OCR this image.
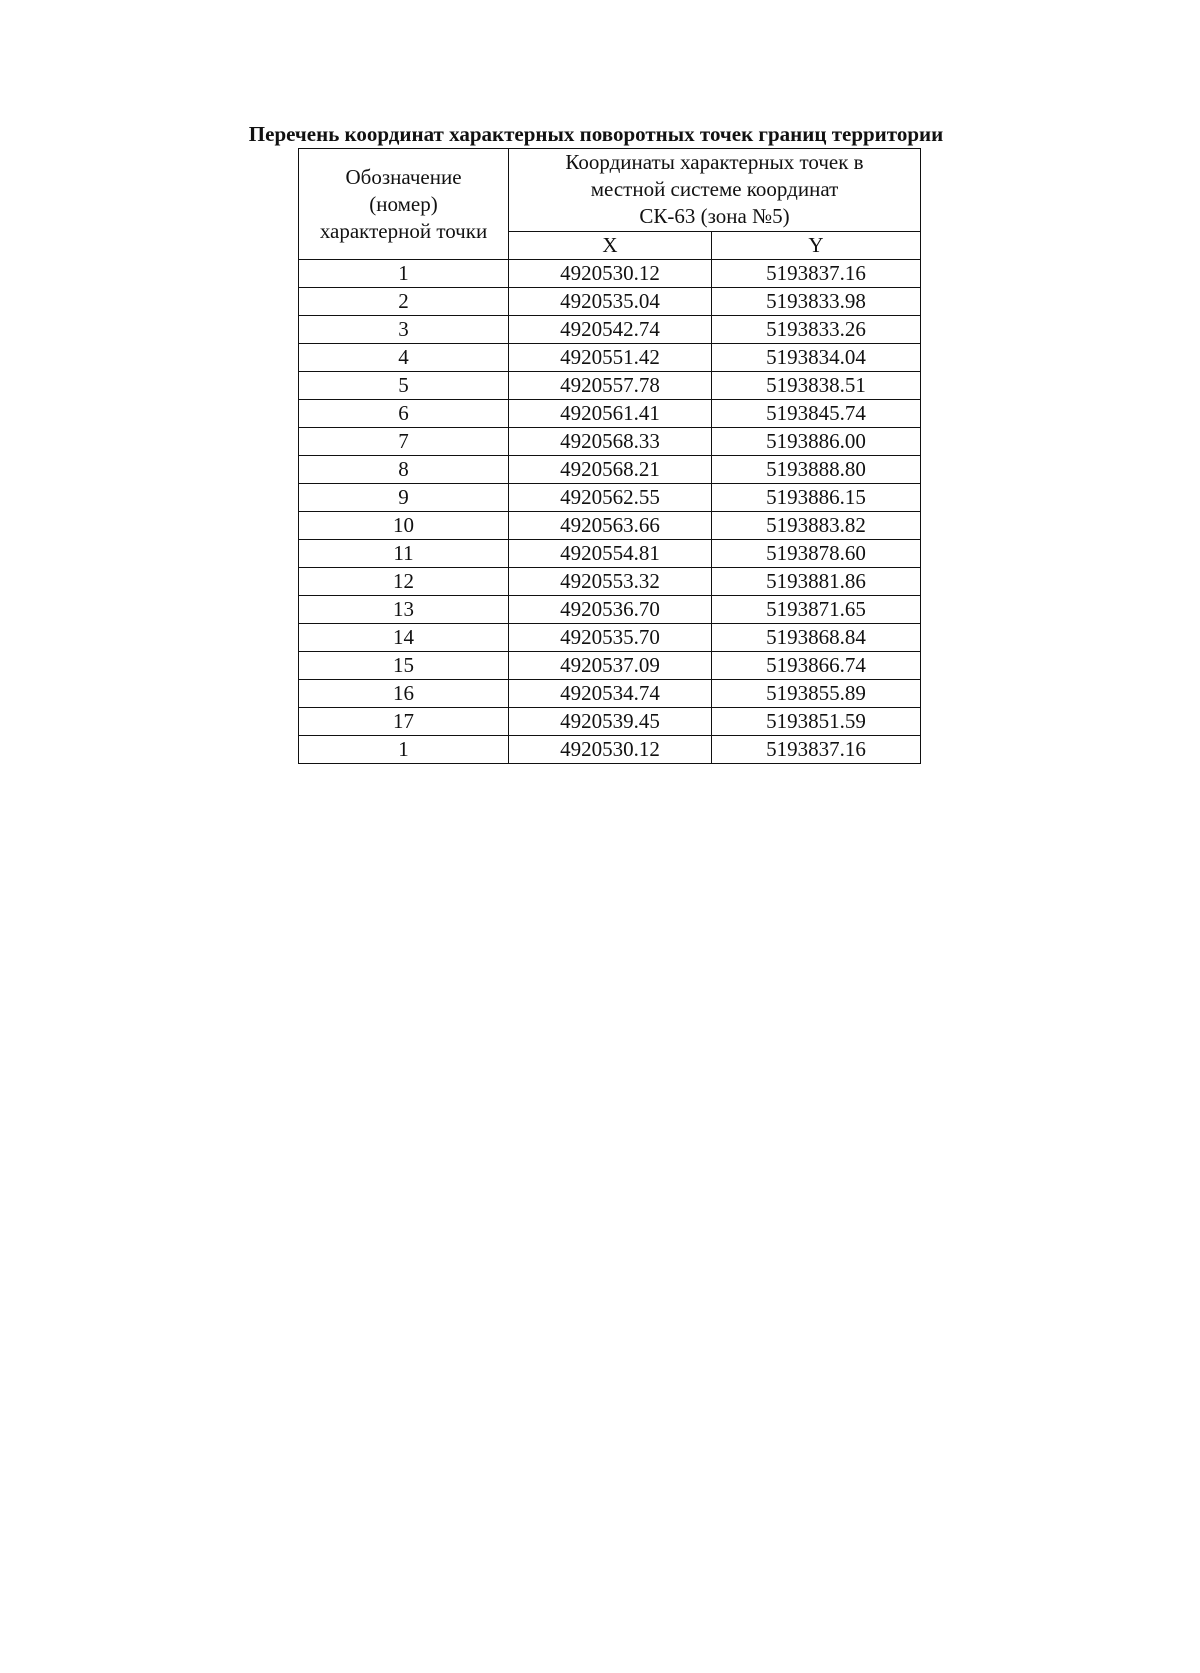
Перечень координат характерных поворотных точек границ территории
Обозначение
(номер)
характерной точки	Координаты характерных точек в
местной системе координат
СК-63 (зона №5)	

	X	Y
1	4920530.12	5193837.16
2	4920535.04	5193833.98
3	4920542.74	5193833.26
4	4920551.42	5193834.04
5	4920557.78	5193838.51
6	4920561.41	5193845.74
7	4920568.33	5193886.00
8	4920568.21	5193888.80
9	4920562.55	5193886.15
10	4920563.66	5193883.82
11	4920554.81	5193878.60
12	4920553.32	5193881.86
13	4920536.70	5193871.65
14	4920535.70	5193868.84
15	4920537.09	5193866.74
16	4920534.74	5193855.89
17	4920539.45	5193851.59
1	4920530.12	5193837.16
